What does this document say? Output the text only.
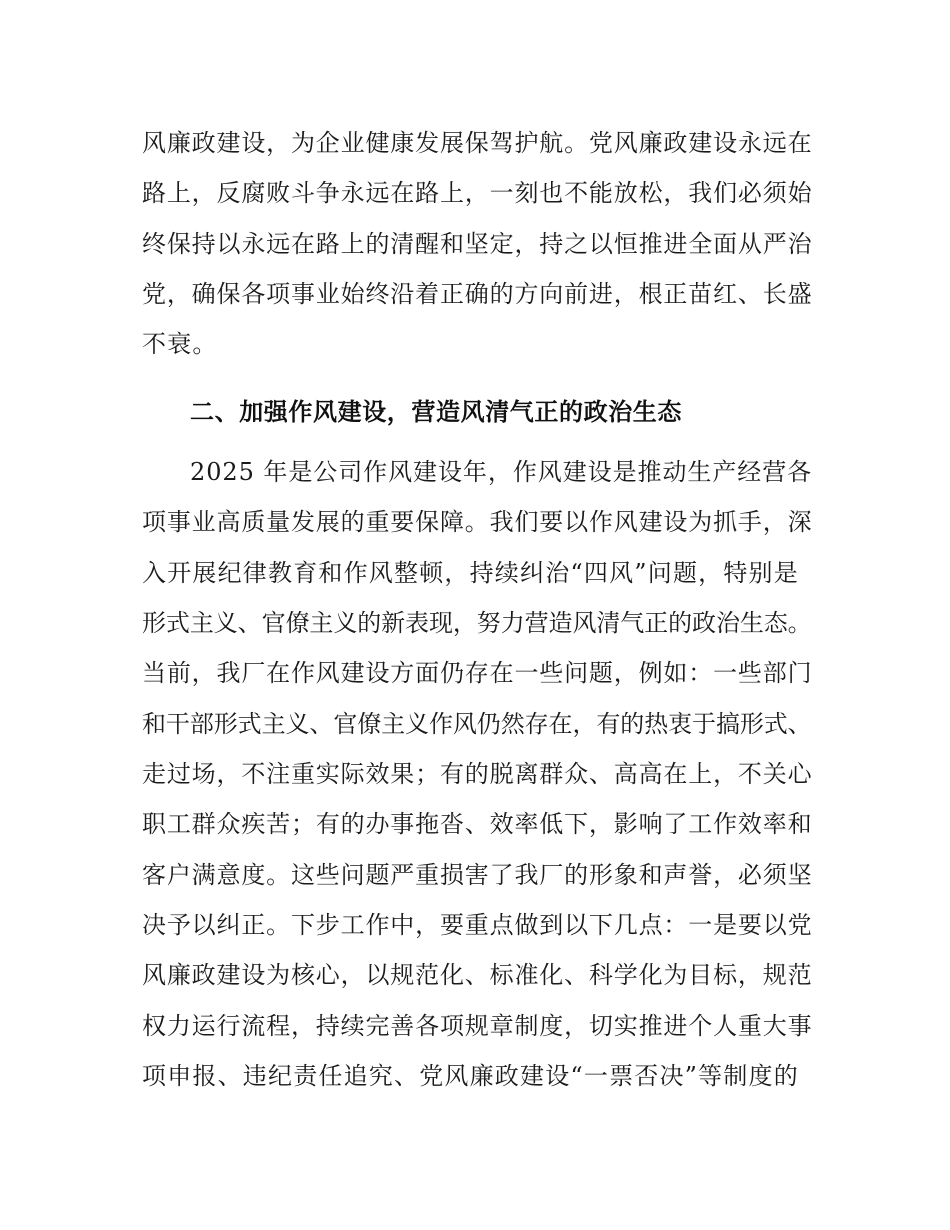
风廉政建设，为企业健康发展保驾护航。党风廉政建设永远在
路上，反腐败斗争永远在路上，一刻也不能放松，我们必须始
终保持以永远在路上的清醒和坚定，持之以恒推进全面从严治
党，确保各项事业始终沿着正确的方向前进，根正苗红、长盛
不衰。
二、加强作风建设，营造风清气正的政治生态
2025 年是公司作风建设年，作风建设是推动生产经营各
项事业高质量发展的重要保障。我们要以作风建设为抓手，深
入开展纪律教育和作风整顿，持续纠治“四风”问题，特别是
形式主义、官僚主义的新表现，努力营造风清气正的政治生态。
当前，我厂在作风建设方面仍存在一些问题，例如：一些部门
和干部形式主义、官僚主义作风仍然存在，有的热衷于搞形式、
走过场，不注重实际效果；有的脱离群众、高高在上，不关心
职工群众疾苦；有的办事拖沓、效率低下，影响了工作效率和
客户满意度。这些问题严重损害了我厂的形象和声誉，必须坚
决予以纠正。下步工作中，要重点做到以下几点：一是要以党
风廉政建设为核心，以规范化、标准化、科学化为目标，规范
权力运行流程，持续完善各项规章制度，切实推进个人重大事
项申报、违纪责任追究、党风廉政建设“一票否决”等制度的
